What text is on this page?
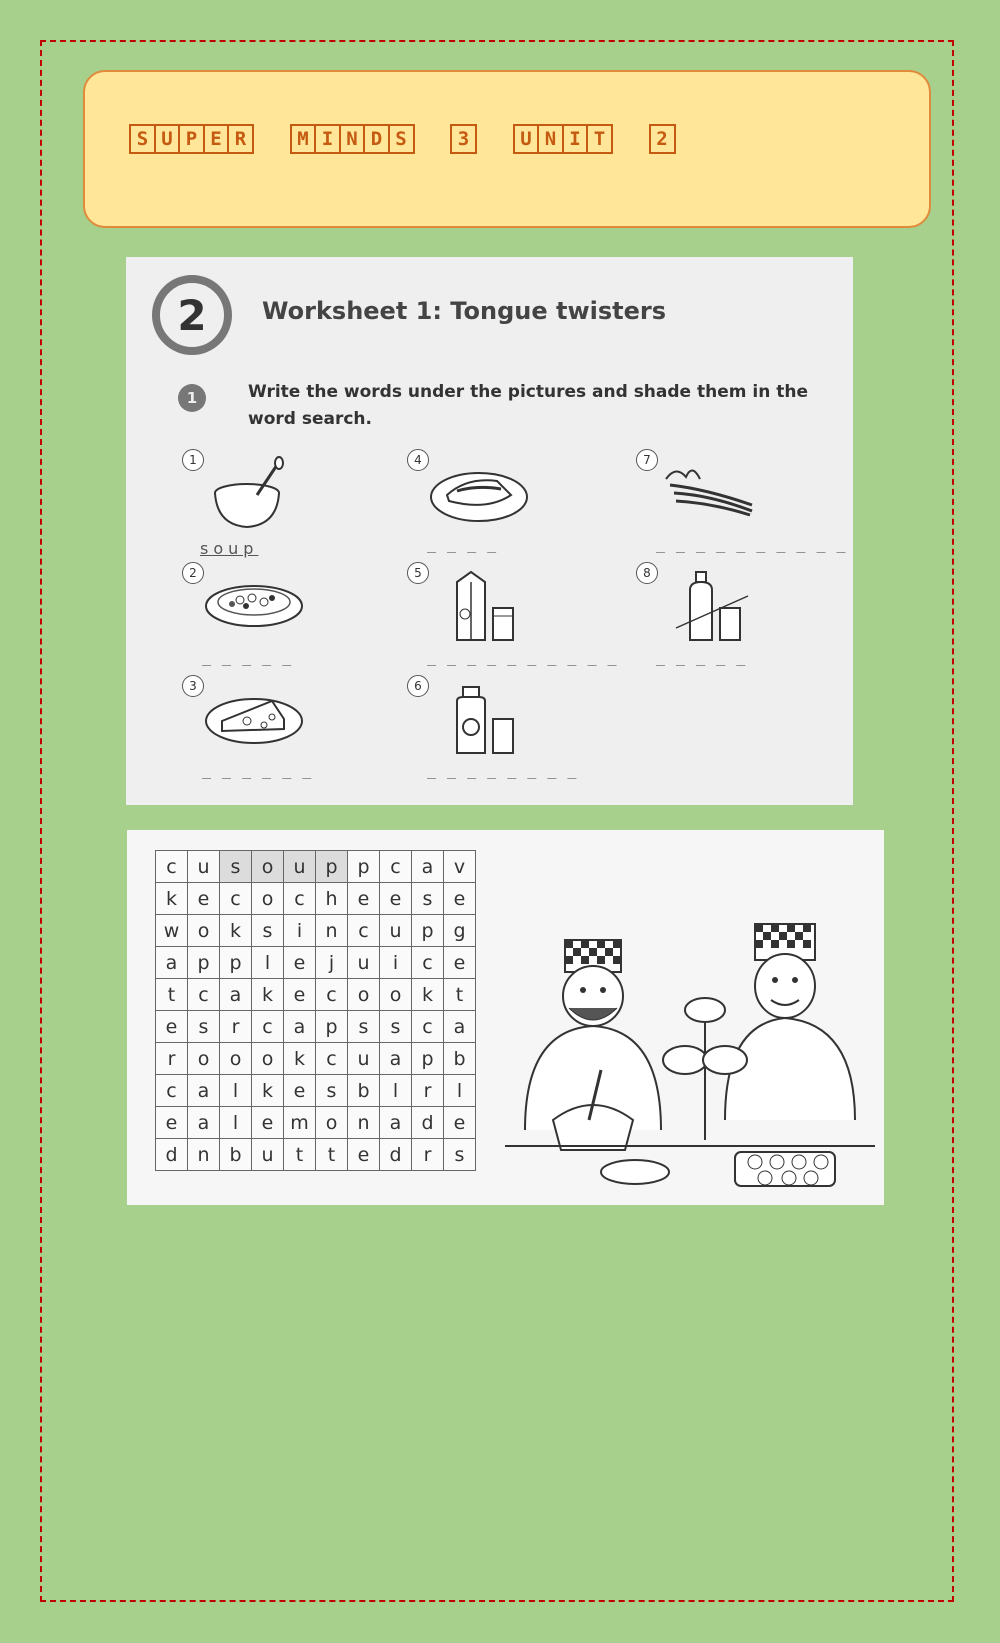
S U P E R	M I N D S	3	U N I T	2
2	Worksheet 1: Tongue twisters
1	Write the words under the pictures and shade them in the word search.
1
soup
2
_ _ _ _ _
3
_ _ _ _ _ _
4
_ _ _ _
5
_ _ _ _ _ _ _ _ _ _
6
_ _ _ _ _ _ _ _
7
_ _ _ _ _ _ _ _ _ _
8
_ _ _ _ _
c	u	s	o	u	p	p	c	a	v
k	e	c	o	c	h	e	e	s	e
w	o	k	s	i	n	c	u	p	g
a	p	p	l	e	j	u	i	c	e
t	c	a	k	e	c	o	o	k	t
e	s	r	c	a	p	s	s	c	a
r	o	o	o	k	c	u	a	p	b
c	a	l	k	e	s	b	l	r	l
e	a	l	e	m	o	n	a	d	e
d	n	b	u	t	t	e	d	r	s
